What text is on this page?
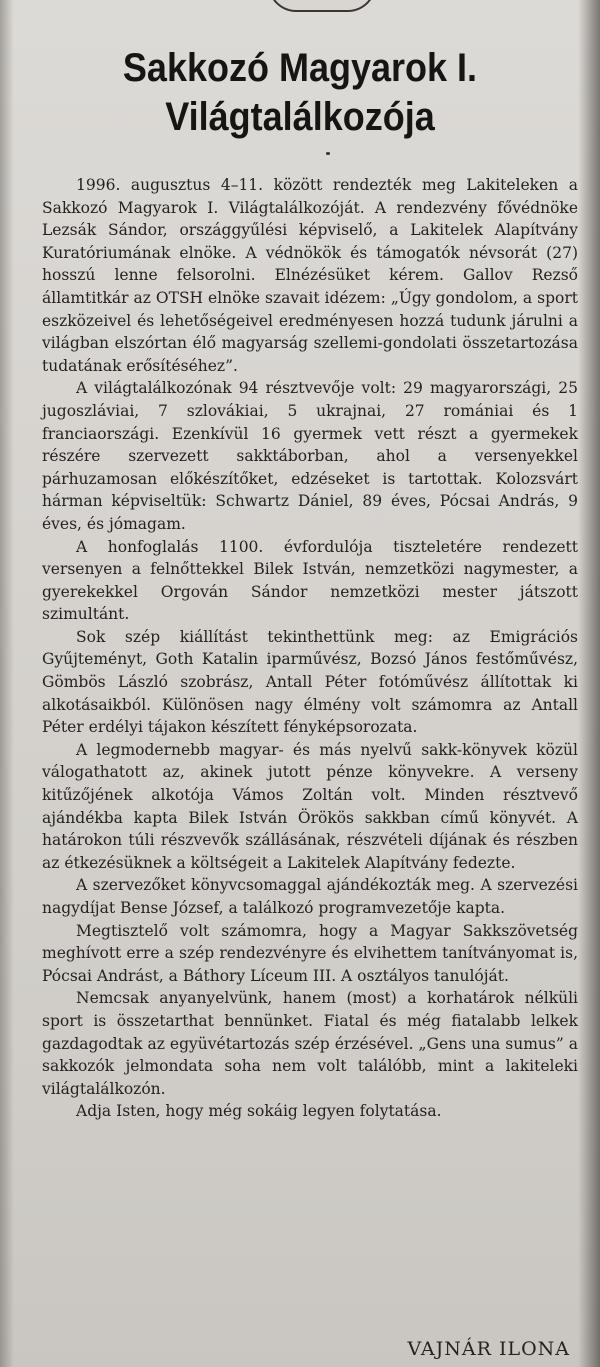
Sakkozó Magyarok I.
Világtalálkozója

1996. augusztus 4–11. között rendezték meg Lakiteleken a Sakkozó Magyarok I. Világtalálkozóját. A rendezvény fővédnöke Lezsák Sándor, országgyűlési képviselő, a Lakitelek Alapítvány Kuratóriumának elnöke. A védnökök és támogatók névsorát (27) hosszú lenne felsorolni. Elnézésüket kérem. Gallov Rezső államtitkár az OTSH elnöke szavait idézem: „Úgy gondolom, a sport eszközeivel és lehetőségeivel eredményesen hozzá tudunk járulni a világban elszórtan élő magyarság szellemi-gondolati összetartozása tudatának erősítéséhez”.

A világtalálkozónak 94 résztvevője volt: 29 magyarországi, 25 jugoszláviai, 7 szlovákiai, 5 ukrajnai, 27 romániai és 1 franciaországi. Ezenkívül 16 gyermek vett részt a gyermekek részére szervezett sakktáborban, ahol a versenyekkel párhuzamosan előkészítőket, edzéseket is tartottak. Kolozsvárt hárman képviseltük: Schwartz Dániel, 89 éves, Pócsai András, 9 éves, és jómagam.

A honfoglalás 1100. évfordulója tiszteletére rendezett versenyen a felnőttekkel Bilek István, nemzetközi nagymester, a gyerekekkel Orgován Sándor nemzetközi mester játszott szimultánt.

Sok szép kiállítást tekinthettünk meg: az Emigrációs Gyűjteményt, Goth Katalin iparművész, Bozsó János festőművész, Gömbös László szobrász, Antall Péter fotóművész állítottak ki alkotásaikból. Különösen nagy élmény volt számomra az Antall Péter erdélyi tájakon készített fényképsorozata.

A legmodernebb magyar- és más nyelvű sakk-könyvek közül válogathatott az, akinek jutott pénze könyvekre. A verseny kitűzőjének alkotója Vámos Zoltán volt. Minden résztvevő ajándékba kapta Bilek István Örökös sakkban című könyvét. A határokon túli részvevők szállásának, részvételi díjának és részben az étkezésüknek a költségeit a Lakitelek Alapítvány fedezte.

A szervezőket könyvcsomaggal ajándékozták meg. A szervezési nagydíjat Bense József, a találkozó programvezetője kapta.

Megtisztelő volt számomra, hogy a Magyar Sakkszövetség meghívott erre a szép rendezvényre és elvihettem tanítványomat is, Pócsai Andrást, a Báthory Líceum III. A osztályos tanulóját.

Nemcsak anyanyelvünk, hanem (most) a korhatárok nélküli sport is összetarthat bennünket. Fiatal és még fiatalabb lelkek gazdagodtak az együvétartozás szép érzésével. „Gens una sumus” a sakkozók jelmondata soha nem volt találóbb, mint a lakiteleki világtalálkozón.

Adja Isten, hogy még sokáig legyen folytatása.

VAJNÁR ILONA
